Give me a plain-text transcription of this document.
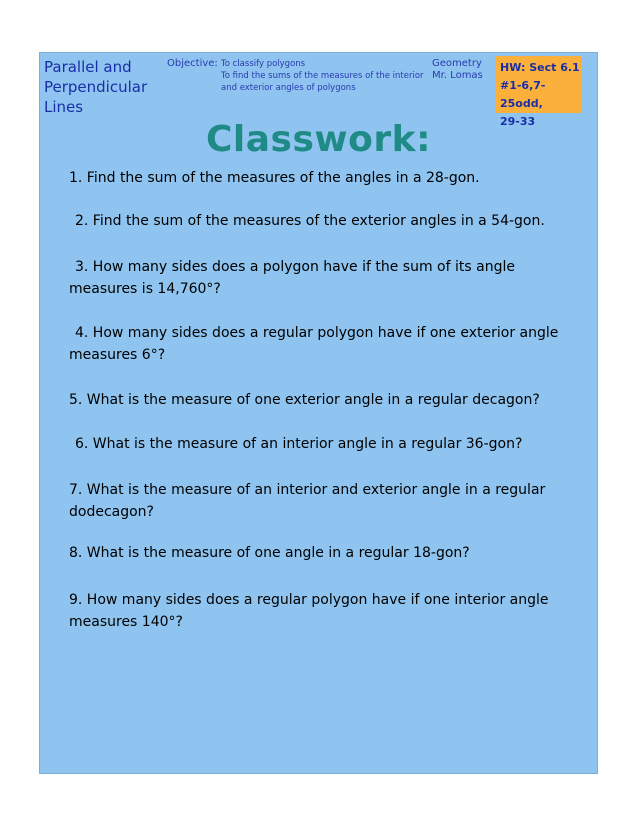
Parallel and
Perpendicular
Lines
Objective: To classify polygons
To find the sums of the measures of the interior
and exterior angles of polygons
Geometry
Mr. Lomas
HW: Sect 6.1
#1-6,7-25odd,
29-33
Classwork:
1. Find the sum of the measures of the angles in a 28-gon.
2. Find the sum of the measures of the exterior angles in a 54-gon.
3. How many sides does a polygon have if the sum of its angle
measures is 14,760°?
4. How many sides does a regular polygon have if one exterior angle
measures 6°?
5. What is the measure of one exterior angle in a regular decagon?
6. What is the measure of an interior angle in a regular 36-gon?
7. What is the measure of an interior and exterior angle in a regular
dodecagon?
8. What is the measure of one angle in a regular 18-gon?
9. How many sides does a regular polygon have if one interior angle
measures 140°?
